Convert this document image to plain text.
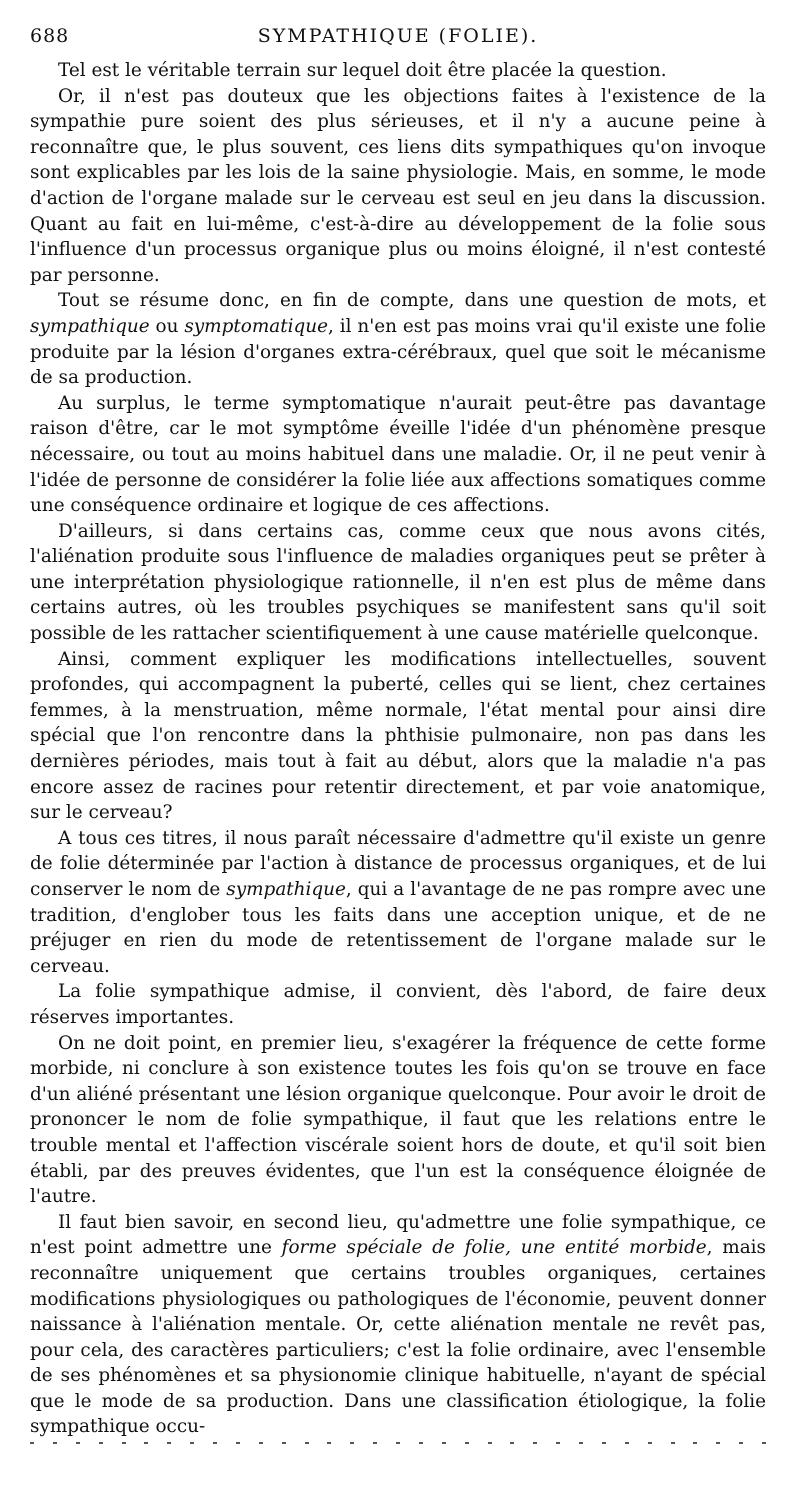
688	SYMPATHIQUE (FOLIE).

Tel est le véritable terrain sur lequel doit être placée la question.

Or, il n'est pas douteux que les objections faites à l'existence de la sympathie pure soient des plus sérieuses, et il n'y a aucune peine à reconnaître que, le plus souvent, ces liens dits sympathiques qu'on invoque sont explicables par les lois de la saine physiologie. Mais, en somme, le mode d'action de l'organe malade sur le cerveau est seul en jeu dans la discussion. Quant au fait en lui-même, c'est-à-dire au développement de la folie sous l'influence d'un processus organique plus ou moins éloigné, il n'est contesté par personne.

Tout se résume donc, en fin de compte, dans une question de mots, et sympathique ou symptomatique, il n'en est pas moins vrai qu'il existe une folie produite par la lésion d'organes extra-cérébraux, quel que soit le mécanisme de sa production.

Au surplus, le terme symptomatique n'aurait peut-être pas davantage raison d'être, car le mot symptôme éveille l'idée d'un phénomène presque nécessaire, ou tout au moins habituel dans une maladie. Or, il ne peut venir à l'idée de personne de considérer la folie liée aux affections somatiques comme une conséquence ordinaire et logique de ces affections.

D'ailleurs, si dans certains cas, comme ceux que nous avons cités, l'aliénation produite sous l'influence de maladies organiques peut se prêter à une interprétation physiologique rationnelle, il n'en est plus de même dans certains autres, où les troubles psychiques se manifestent sans qu'il soit possible de les rattacher scientifiquement à une cause matérielle quelconque.

Ainsi, comment expliquer les modifications intellectuelles, souvent profondes, qui accompagnent la puberté, celles qui se lient, chez certaines femmes, à la menstruation, même normale, l'état mental pour ainsi dire spécial que l'on rencontre dans la phthisie pulmonaire, non pas dans les dernières périodes, mais tout à fait au début, alors que la maladie n'a pas encore assez de racines pour retentir directement, et par voie anatomique, sur le cerveau?

A tous ces titres, il nous paraît nécessaire d'admettre qu'il existe un genre de folie déterminée par l'action à distance de processus organiques, et de lui conserver le nom de sympathique, qui a l'avantage de ne pas rompre avec une tradition, d'englober tous les faits dans une acception unique, et de ne préjuger en rien du mode de retentissement de l'organe malade sur le cerveau.

La folie sympathique admise, il convient, dès l'abord, de faire deux réserves importantes.

On ne doit point, en premier lieu, s'exagérer la fréquence de cette forme morbide, ni conclure à son existence toutes les fois qu'on se trouve en face d'un aliéné présentant une lésion organique quelconque. Pour avoir le droit de prononcer le nom de folie sympathique, il faut que les relations entre le trouble mental et l'affection viscérale soient hors de doute, et qu'il soit bien établi, par des preuves évidentes, que l'un est la conséquence éloignée de l'autre.

Il faut bien savoir, en second lieu, qu'admettre une folie sympathique, ce n'est point admettre une forme spéciale de folie, une entité morbide, mais reconnaître uniquement que certains troubles organiques, certaines modifications physiologiques ou pathologiques de l'économie, peuvent donner naissance à l'aliénation mentale. Or, cette aliénation mentale ne revêt pas, pour cela, des caractères particuliers; c'est la folie ordinaire, avec l'ensemble de ses phénomènes et sa physionomie clinique habituelle, n'ayant de spécial que le mode de sa production. Dans une classification étiologique, la folie sympathique occu-
